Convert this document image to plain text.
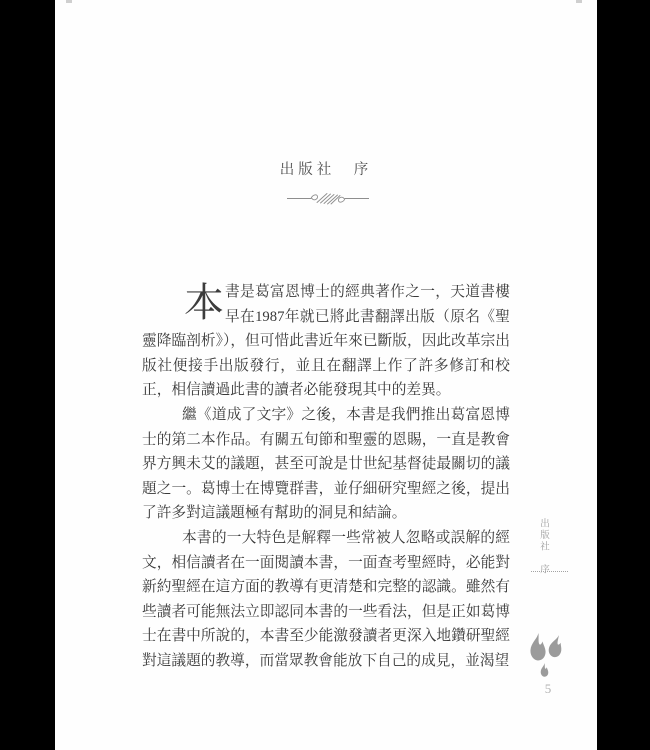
出版社　序

本書是葛富恩博士的經典著作之一，天道書樓早在1987年就已將此書翻譯出版（原名《聖靈降臨剖析》），但可惜此書近年來已斷版，因此改革宗出版社便接手出版發行，並且在翻譯上作了許多修訂和校正，相信讀過此書的讀者必能發現其中的差異。

繼《道成了文字》之後，本書是我們推出葛富恩博士的第二本作品。有關五旬節和聖靈的恩賜，一直是教會界方興未艾的議題，甚至可說是廿世紀基督徒最關切的議題之一。葛博士在博覽群書，並仔細研究聖經之後，提出了許多對這議題極有幫助的洞見和結論。

本書的一大特色是解釋一些常被人忽略或誤解的經文，相信讀者在一面閱讀本書，一面查考聖經時，必能對新約聖經在這方面的教導有更清楚和完整的認識。雖然有些讀者可能無法立即認同本書的一些看法，但是正如葛博士在書中所說的，本書至少能激發讀者更深入地鑽研聖經對這議題的教導，而當眾教會能放下自己的成見，並渴望

出版社　序
5
